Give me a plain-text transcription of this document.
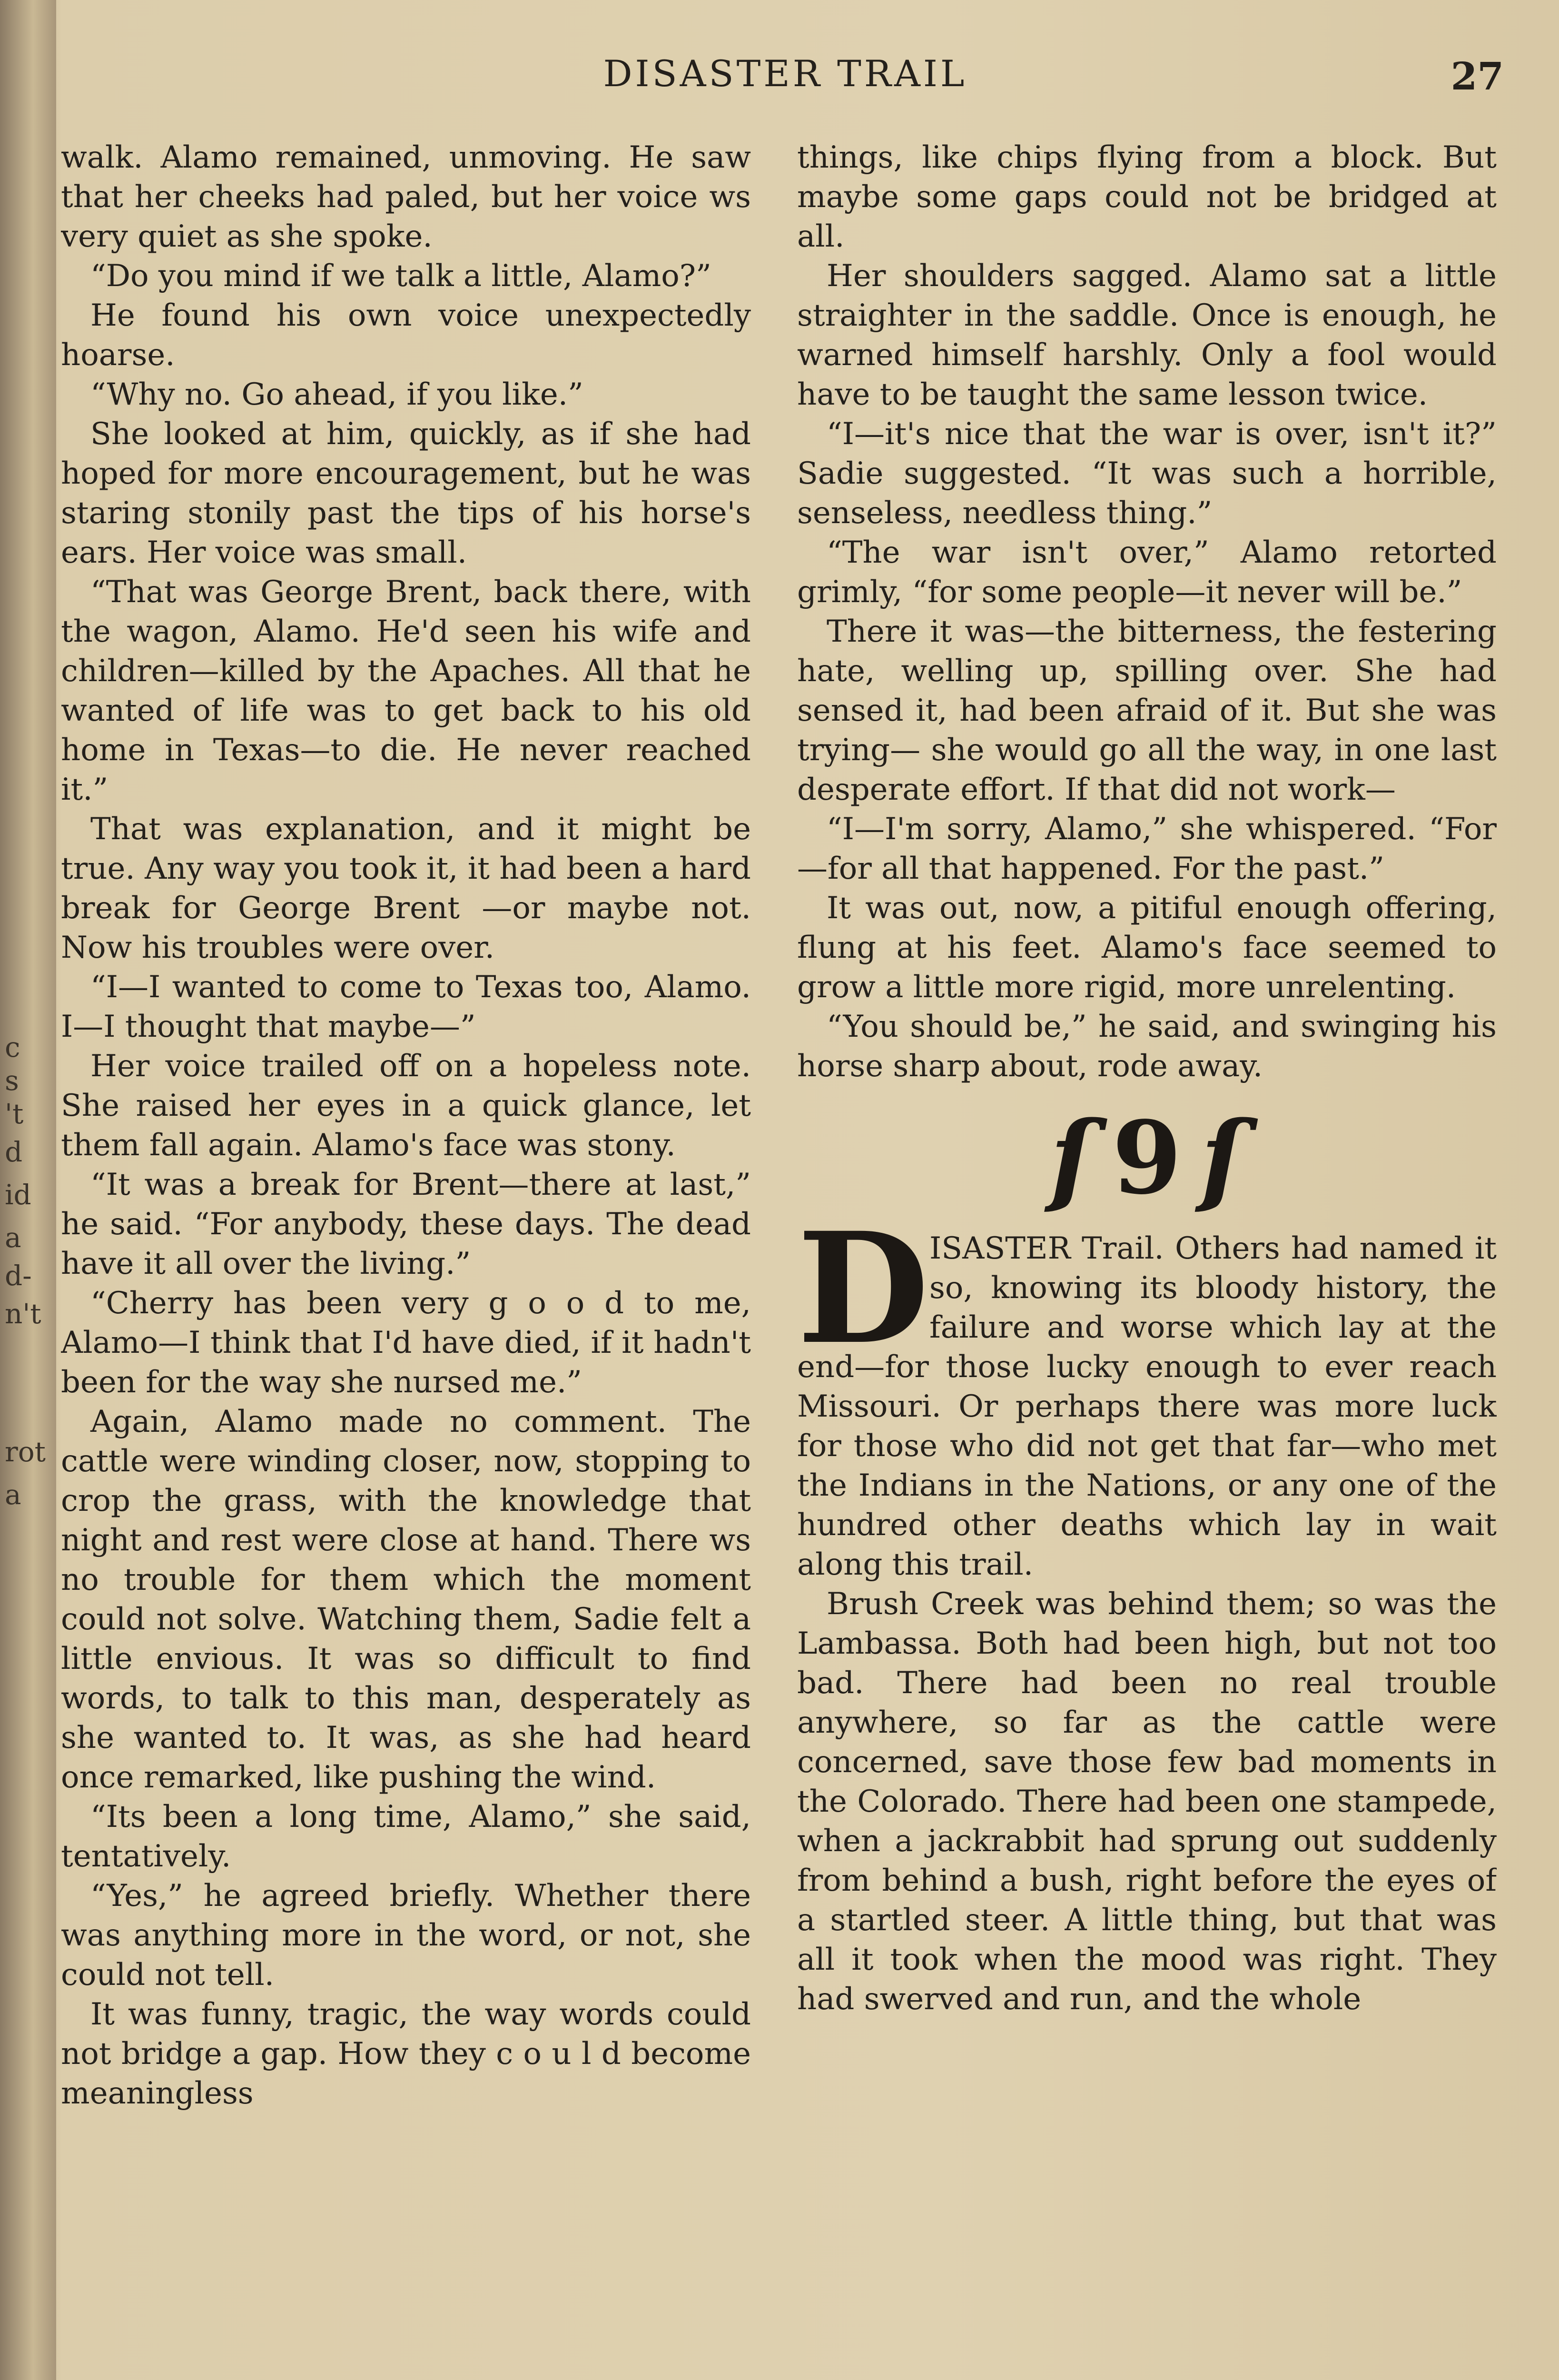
c
s
't
d
id
a
d-
n't
rot
a
DISASTER TRAIL	27

walk. Alamo remained, unmoving. He saw that her cheeks had paled, but her voice ws very quiet as she spoke.

“Do you mind if we talk a little, Alamo?”

He found his own voice unexpectedly hoarse.

“Why no. Go ahead, if you like.”

She looked at him, quickly, as if she had hoped for more encouragement, but he was staring stonily past the tips of his horse's ears. Her voice was small.

“That was George Brent, back there, with the wagon, Alamo. He'd seen his wife and children—killed by the Apaches. All that he wanted of life was to get back to his old home in Texas—to die. He never reached it.”

That was explanation, and it might be true. Any way you took it, it had been a hard break for George Brent —or maybe not. Now his troubles were over.

“I—I wanted to come to Texas too, Alamo. I—I thought that maybe—”

Her voice trailed off on a hopeless note. She raised her eyes in a quick glance, let them fall again. Alamo's face was stony.

“It was a break for Brent—there at last,” he said. “For anybody, these days. The dead have it all over the living.”

“Cherry has been very g o o d to me, Alamo—I think that I'd have died, if it hadn't been for the way she nursed me.”

Again, Alamo made no comment. The cattle were winding closer, now, stopping to crop the grass, with the knowledge that night and rest were close at hand. There ws no trouble for them which the moment could not solve. Watching them, Sadie felt a little envious. It was so difficult to find words, to talk to this man, desperately as she wanted to. It was, as she had heard once remarked, like pushing the wind.

“Its been a long time, Alamo,” she said, tentatively.

“Yes,” he agreed briefly. Whether there was anything more in the word, or not, she could not tell.

It was funny, tragic, the way words could not bridge a gap. How they c o u l d become meaningless

things, like chips flying from a block. But maybe some gaps could not be bridged at all.

Her shoulders sagged. Alamo sat a little straighter in the saddle. Once is enough, he warned himself harshly. Only a fool would have to be taught the same lesson twice.

“I—it's nice that the war is over, isn't it?” Sadie suggested. “It was such a horrible, senseless, needless thing.”

“The war isn't over,” Alamo retorted grimly, “for some people—it never will be.”

There it was—the bitterness, the festering hate, welling up, spilling over. She had sensed it, had been afraid of it. But she was trying— she would go all the way, in one last desperate effort. If that did not work—

“I—I'm sorry, Alamo,” she whispered. “For—for all that happened. For the past.”

It was out, now, a pitiful enough offering, flung at his feet. Alamo's face seemed to grow a little more rigid, more unrelenting.

“You should be,” he said, and swinging his horse sharp about, rode away.

ſ 9 ſ

DISASTER Trail. Others had named it so, knowing its bloody history, the failure and worse which lay at the end—for those lucky enough to ever reach Missouri. Or perhaps there was more luck for those who did not get that far—who met the Indians in the Nations, or any one of the hundred other deaths which lay in wait along this trail.

Brush Creek was behind them; so was the Lambassa. Both had been high, but not too bad. There had been no real trouble anywhere, so far as the cattle were concerned, save those few bad moments in the Colorado. There had been one stampede, when a jackrabbit had sprung out suddenly from behind a bush, right before the eyes of a startled steer. A little thing, but that was all it took when the mood was right. They had swerved and run, and the whole
